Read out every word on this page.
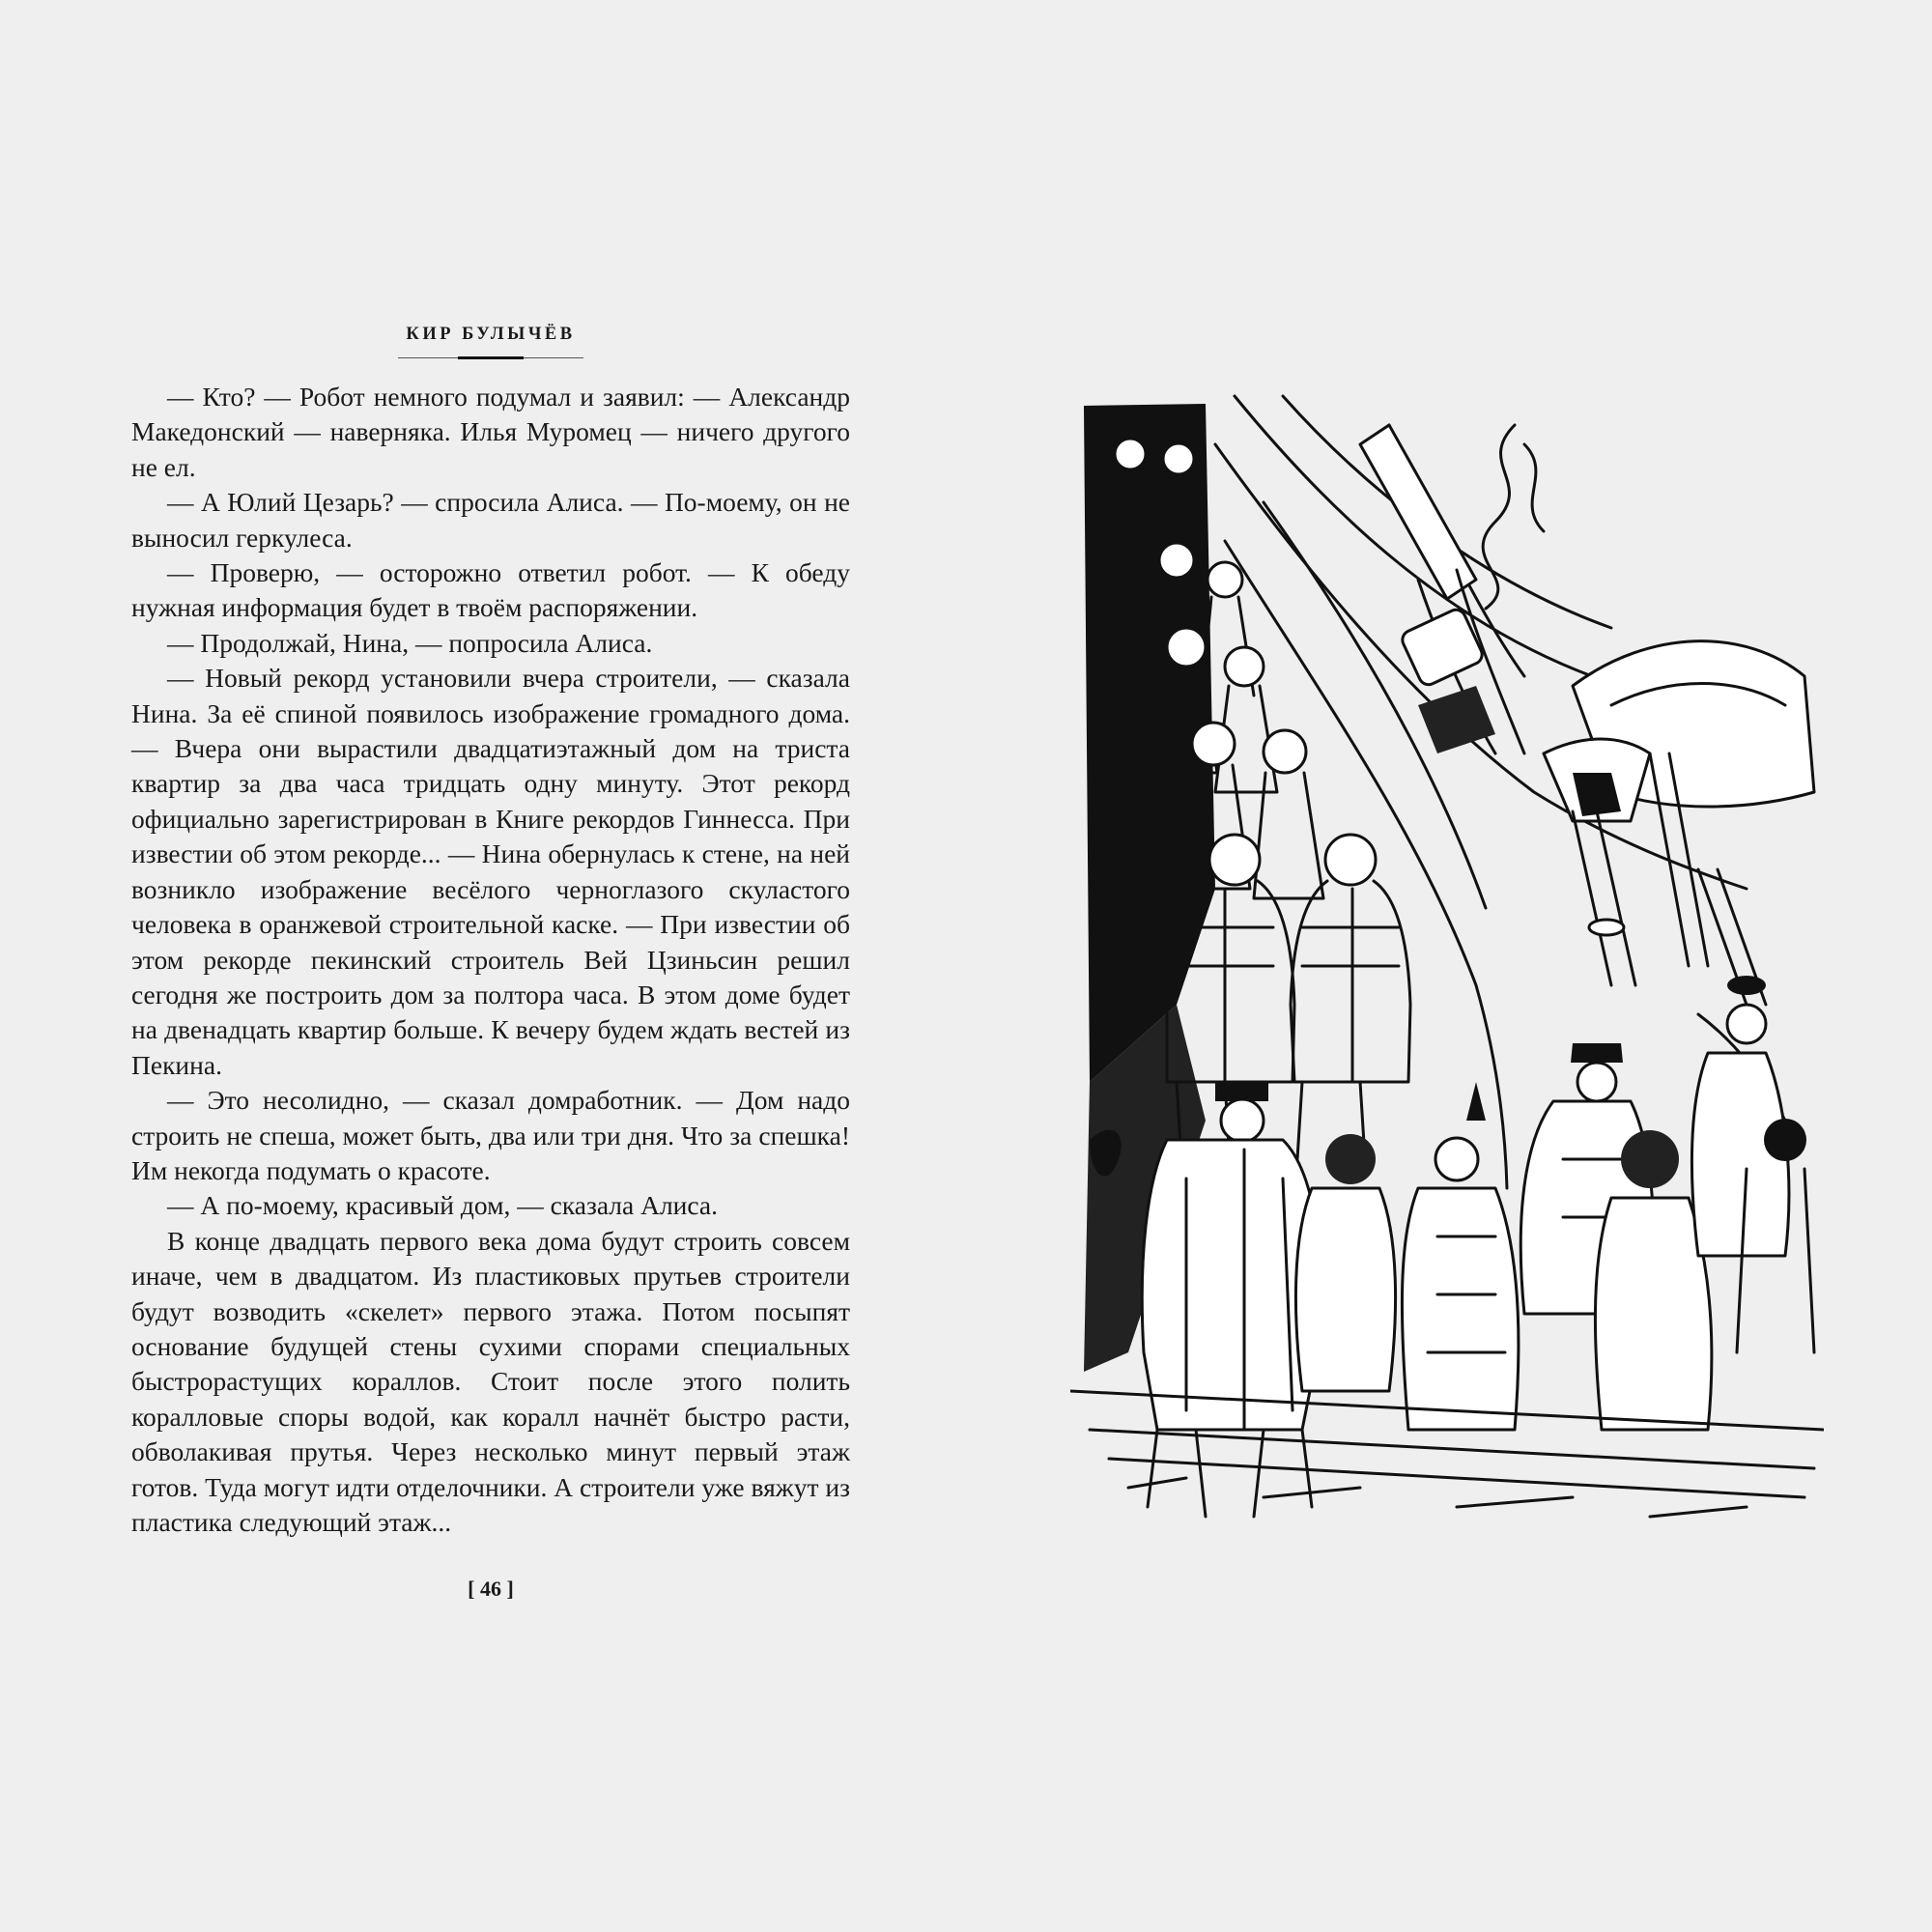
КИР БУЛЫЧЁВ

— Кто? — Робот немного подумал и заявил: — Александр Македонский — наверняка. Илья Муромец — ничего другого не ел.

— А Юлий Цезарь? — спросила Алиса. — По-моему, он не выносил геркулеса.

— Проверю, — осторожно ответил робот. — К обеду нужная информация будет в твоём распоряжении.

— Продолжай, Нина, — попросила Алиса.

— Новый рекорд установили вчера строители, — сказала Нина. За её спиной появилось изображение громадного дома. — Вчера они вырастили двадцатиэтажный дом на триста квартир за два часа тридцать одну минуту. Этот рекорд официально зарегистрирован в Книге рекордов Гиннесса. При известии об этом рекорде... — Нина обернулась к стене, на ней возникло изображение весёлого черноглазого скуластого человека в оранжевой строительной каске. — При известии об этом рекорде пекинский строитель Вей Цзиньсин решил сегодня же построить дом за полтора часа. В этом доме будет на двенадцать квартир больше. К вечеру будем ждать вестей из Пекина.

— Это несолидно, — сказал домработник. — Дом надо строить не спеша, может быть, два или три дня. Что за спешка! Им некогда подумать о красоте.

— А по-моему, красивый дом, — сказала Алиса.

В конце двадцать первого века дома будут строить совсем иначе, чем в двадцатом. Из пластиковых прутьев строители будут возводить «скелет» первого этажа. Потом посыпят основание будущей стены сухими спорами специальных быстрорастущих кораллов. Стоит после этого полить коралловые споры водой, как коралл начнёт быстро расти, обволакивая прутья. Через несколько минут первый этаж готов. Туда могут идти отделочники. А строители уже вяжут из пластика следующий этаж...

[ 46 ]
